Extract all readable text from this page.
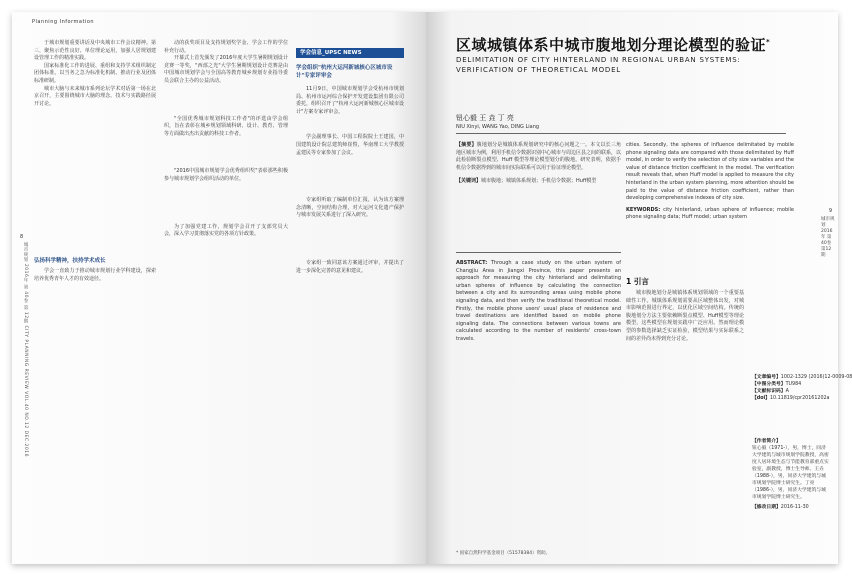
Planning Information
城市规划 2016年 第 40卷 第 12期 CITY PLANNING REVIEW VOL.40 NO.12 DEC.2016

于城市规划重要讲话及中央城市工作会议精神。第三，聚焦示范性良好、单位理论运用，加强人居规划建设管理工作的精准实践。

国家标准化工作的进展、重组和支持学术组织制定团体标准。以当务之急为标准化机制、推动行业及团体标准研制。

城市大脑与未来城市系列论坛学术对话第一场在北京召开，主要围绕城市大脑的理念、技术与实践路径展开讨论。

弘扬科学精神，扶持学术成长

学会一直致力于推动城市规划行业学科建设，探索培养优秀青年人才的有效途径。

动的获奖项目及支持规划奖学金、学会工作的学位补充行动。

开幕式上首先颁发了2016年度大学生暑期规划设计竞赛一等奖，"西部之光"大学生暑期规划设计竞赛是由中国城市规划学会与全国高等教育城乡规划专业指导委员会联合主办的公益活动。

"全国优秀城市规划科技工作者"的评选由学会组织，旨在表彰在城乡规划领域科研、设计、教育、管理等方面做出杰出贡献的科技工作者。

"2016中国城市规划学会优秀组织奖"表彰那些积极参与城市规划学会组织活动的单位。

为了加强党建工作，规划学会召开了支部党员大会，深入学习贯彻落实党的各项方针政策。

学会信息_UPSC NEWS
学会组织"杭州大运河新城核心区城市设计"专家评审会

11月9日，中国城市规划学会受杭州市规划局、杭州市运河综合保护开发建设集团有限公司委托，组织召开了"杭州大运河新城核心区城市设计"方案专家评审会。

学会副理事长、中国工程院院士王建国，中国建筑设计院总建筑师崔愷，华南理工大学教授孟建民等专家参加了会议。

专家组听取了编制单位汇报，认为该方案理念清晰，空间结构合理，对大运河文化遗产保护与城市发展关系进行了深入研究。

专家组一致同意该方案通过评审，并提出了进一步深化完善的意见和建议。

8
区域城镇体系中城市腹地划分理论模型的验证*
DELIMITATION OF CITY HINTERLAND IN REGIONAL URBAN SYSTEMS: VERIFICATION OF THEORETICAL MODEL
钮心毅 王 垚 丁 亮
NIU Xinyi, WANG Yao, DING Liang
【摘要】腹地划分是城镇体系规划研究中的核心问题之一。本文以长三角地区城市为例，利用手机信令数据识别中心城市与周边区县之间的联系，以此检验断裂点模型、Huff 模型等理论模型划分的腹地。研究表明，依据手机信令数据得到的城市间实际联系可以用于验证理论模型。
【关键词】城市腹地；城镇体系规划；手机信令数据；Huff模型
ABSTRACT: Through a case study on the urban system of Changjiu Area in Jiangxi Province, this paper presents an approach for measuring the city hinterland and delimitating urban spheres of influence by calculating the connection between a city and its surrounding areas using mobile phone signaling data, and then verify the traditional theoretical model. Firstly, the mobile phone users' usual place of residence and travel destinations are identified based on mobile phone signaling data. The connections between various towns are calculated according to the number of residents' cross-town travels.
cities. Secondly, the spheres of influence delimitated by mobile phone signaling data are compared with those delimitated by Huff model, in order to verify the selection of city size variables and the value of distance friction coefficient in the model. The verification result reveals that, when Huff model is applied to measure the city hinterland in the urban system planning, more attention should be paid to the value of distance friction coefficient, rather than developing comprehensive indexes of city size.
KEYWORDS: city hinterland, urban sphere of influence; mobile phone signaling data; Huff model; urban system
1 引言

城市腹地划分是城镇体系规划领域的一个重要基础性工作。城镇体系规划需要从区域整体出发，对城市影响范围进行界定，以优化区域空间结构。传统的腹地划分方法主要依赖断裂点模型、Huff模型等理论模型，这些模型在规划实践中广泛应用。然而理论模型的参数选择缺乏实证检验，模型结果与实际联系之间的差异尚未得到充分讨论。

【文章编号】1002-1329 (2016)12-0009-08
【中图分类号】TU984
【文献标识码】A
【doi】10.11819/cpr20161202a
【作者简介】
钮心毅（1971-），男，博士，同济大学建筑与城市规划学院教授，高密度人居环境生态与节能教育部重点实验室，副教授，博士生导师。王垚（1988-），男，同济大学建筑与城市规划学院博士研究生。丁亮（1986-），男，同济大学建筑与城市规划学院博士研究生。
【修改日期】2016-11-30
* 国家自然科学基金项目（51578384）资助。
9
城市规划 2016年 第40卷 第12期
